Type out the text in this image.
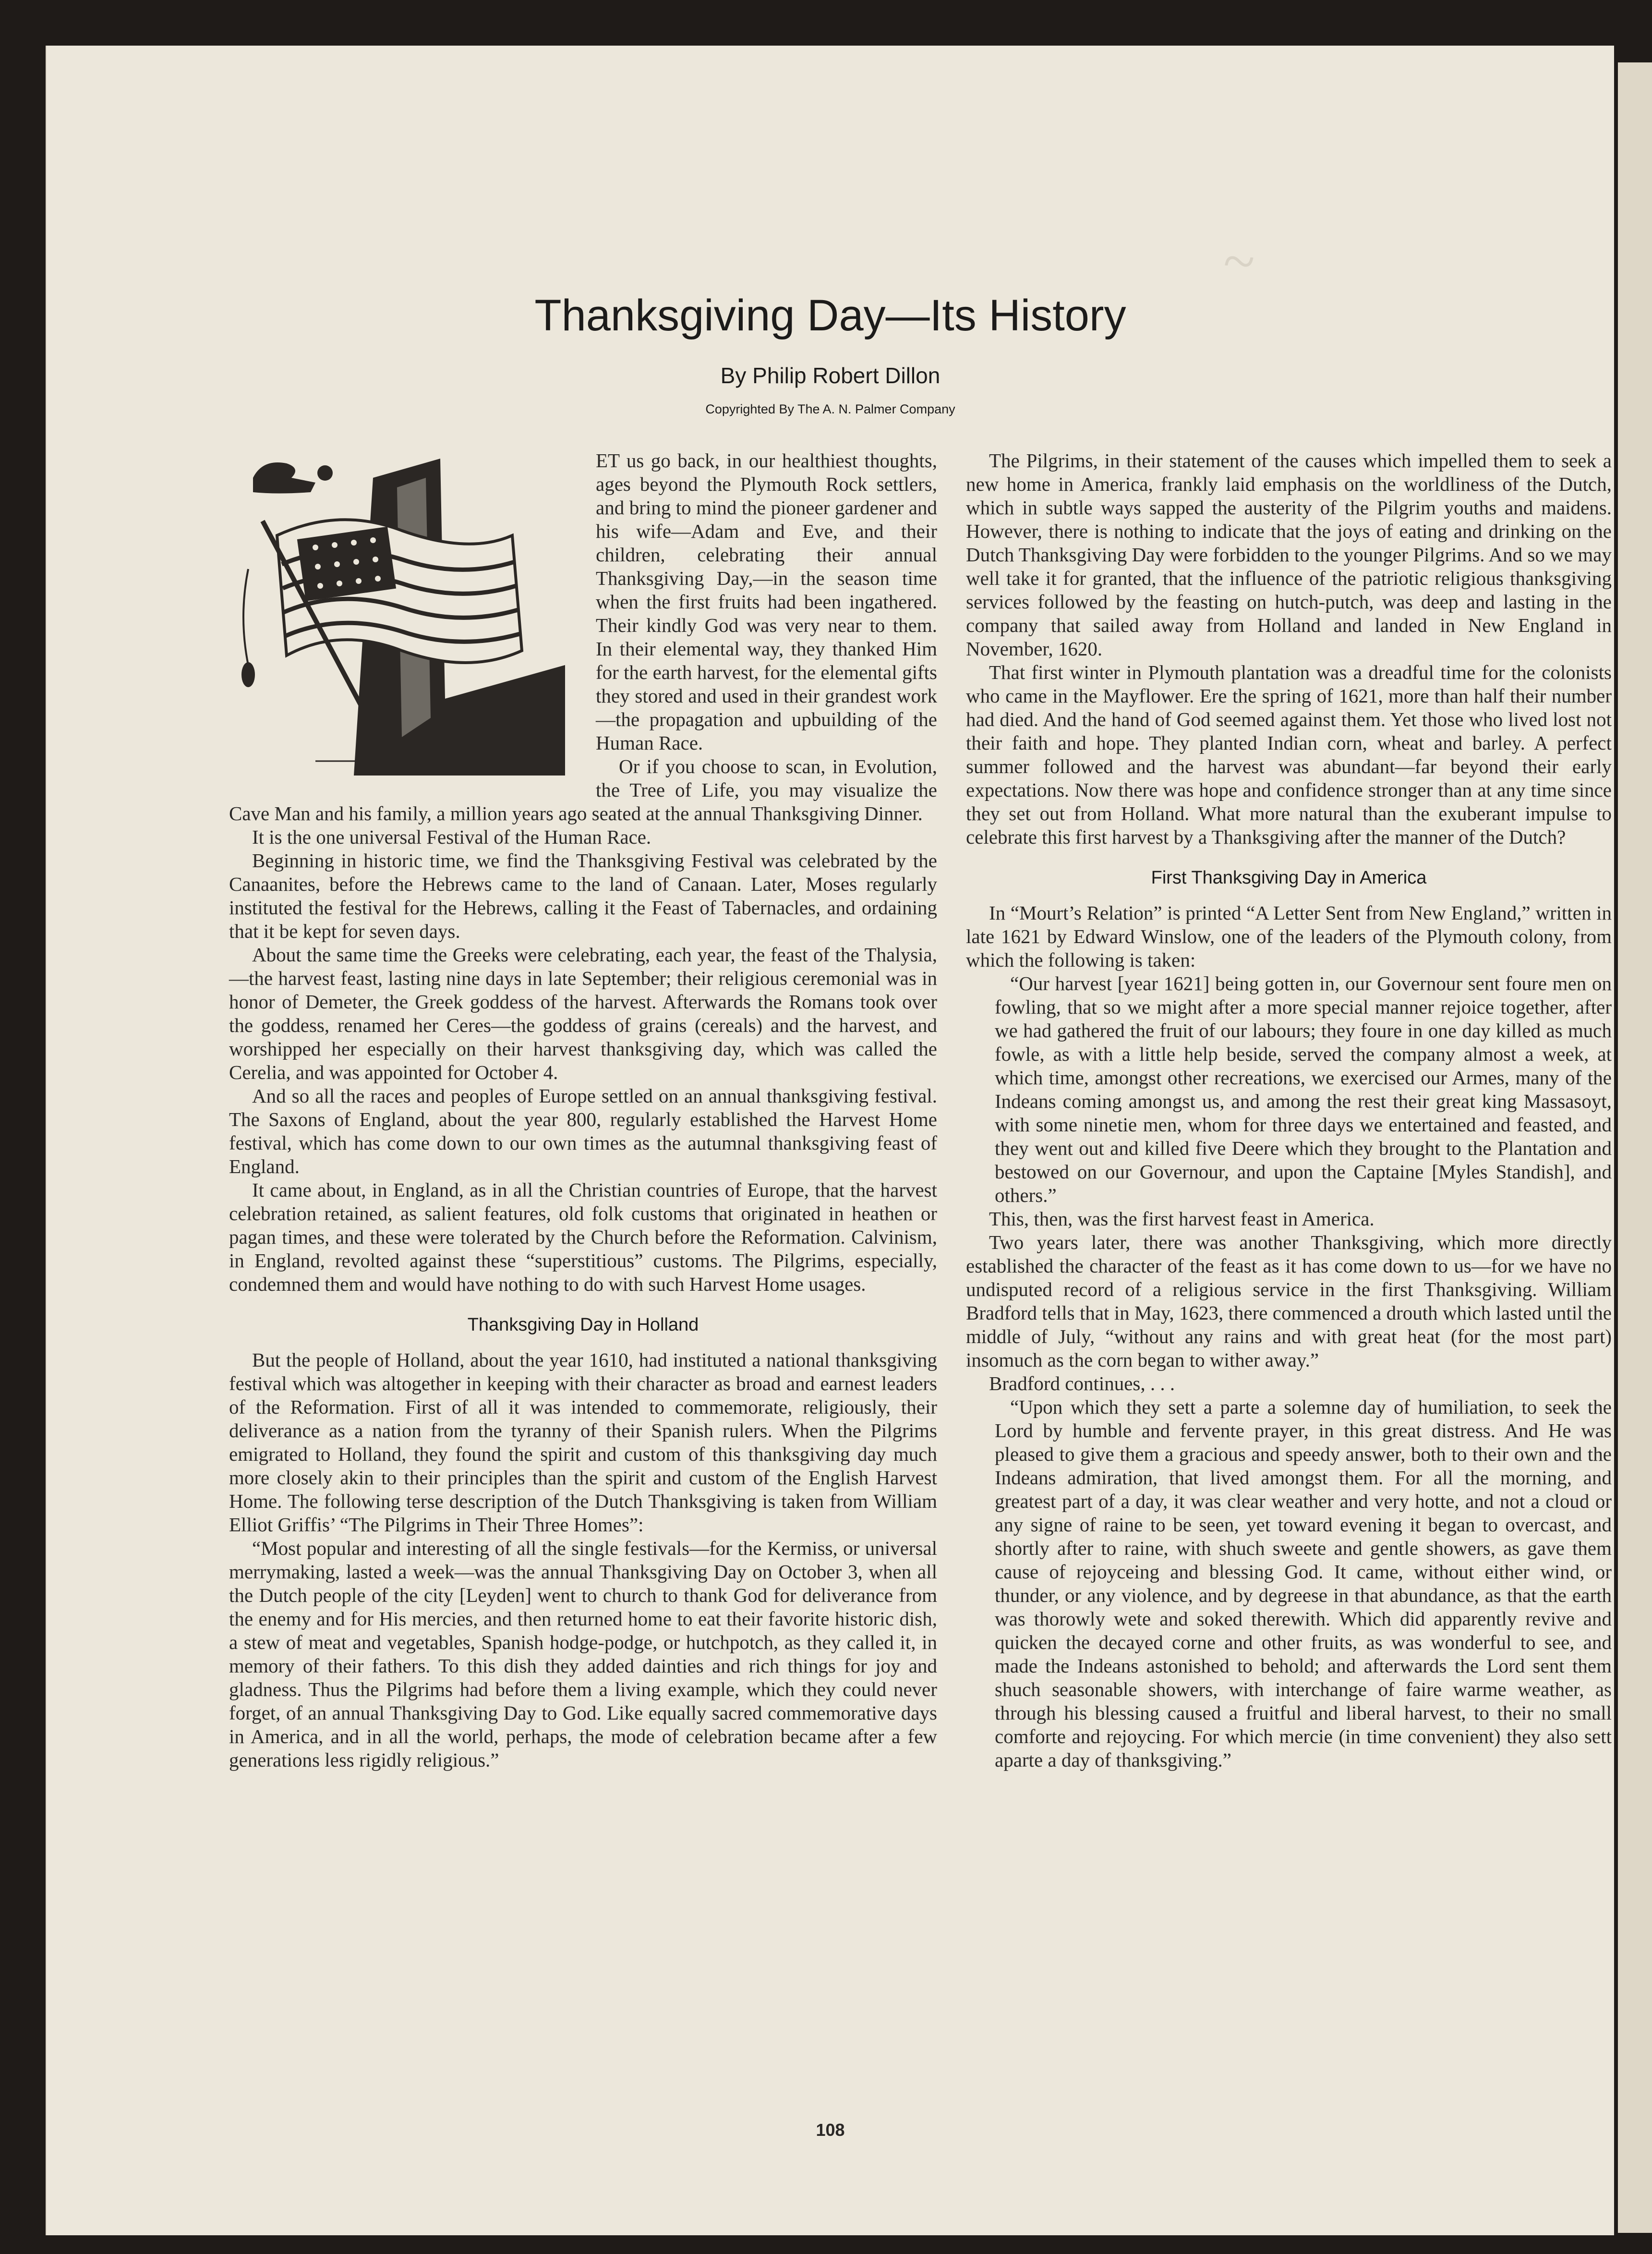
~
Thanksgiving Day—Its History
By Philip Robert Dillon
Copyrighted By The A. N. Palmer Company

ET us go back, in our healthiest thoughts, ages beyond the Plymouth Rock settlers, and bring to mind the pioneer gardener and his wife—Adam and Eve, and their children, celebrating their annual Thanksgiving Day,—in the season time when the first fruits had been ingathered. Their kindly God was very near to them. In their elemental way, they thanked Him for the earth harvest, for the elemental gifts they stored and used in their grandest work—the propagation and upbuilding of the Human Race.

Or if you choose to scan, in Evolution, the Tree of Life, you may visualize the Cave Man and his family, a million years ago seated at the annual Thanksgiving Dinner.

It is the one universal Festival of the Human Race.

Beginning in historic time, we find the Thanksgiving Festival was celebrated by the Canaanites, before the Hebrews came to the land of Canaan. Later, Moses regularly instituted the festival for the Hebrews, calling it the Feast of Tabernacles, and ordaining that it be kept for seven days.

About the same time the Greeks were celebrating, each year, the feast of the Thalysia,—the harvest feast, lasting nine days in late September; their religious ceremonial was in honor of Demeter, the Greek goddess of the harvest. Afterwards the Romans took over the goddess, renamed her Ceres—the goddess of grains (cereals) and the harvest, and worshipped her especially on their harvest thanksgiving day, which was called the Cerelia, and was appointed for October 4.

And so all the races and peoples of Europe settled on an annual thanksgiving festival. The Saxons of England, about the year 800, regularly established the Harvest Home festival, which has come down to our own times as the autumnal thanksgiving feast of England.

It came about, in England, as in all the Christian countries of Europe, that the harvest celebration retained, as salient features, old folk customs that originated in heathen or pagan times, and these were tolerated by the Church before the Reformation. Calvinism, in England, revolted against these “superstitious” customs. The Pilgrims, especially, condemned them and would have nothing to do with such Harvest Home usages.

Thanksgiving Day in Holland

But the people of Holland, about the year 1610, had instituted a national thanksgiving festival which was altogether in keeping with their character as broad and earnest leaders of the Reformation. First of all it was intended to commemorate, religiously, their deliverance as a nation from the tyranny of their Spanish rulers. When the Pilgrims emigrated to Holland, they found the spirit and custom of this thanksgiving day much more closely akin to their principles than the spirit and custom of the English Harvest Home. The following terse description of the Dutch Thanksgiving is taken from William Elliot Griffis’ “The Pilgrims in Their Three Homes”:

“Most popular and interesting of all the single festivals—for the Kermiss, or universal merrymaking, lasted a week—was the annual Thanksgiving Day on October 3, when all the Dutch people of the city [Leyden] went to church to thank God for deliverance from the enemy and for His mercies, and then returned home to eat their favorite historic dish, a stew of meat and vegetables, Spanish hodge-podge, or hutchpotch, as they called it, in memory of their fathers. To this dish they added dainties and rich things for joy and gladness. Thus the Pilgrims had before them a living example, which they could never forget, of an annual Thanksgiving Day to God. Like equally sacred commemorative days in America, and in all the world, perhaps, the mode of celebration became after a few generations less rigidly religious.”

The Pilgrims, in their statement of the causes which impelled them to seek a new home in America, frankly laid emphasis on the worldliness of the Dutch, which in subtle ways sapped the austerity of the Pilgrim youths and maidens. However, there is nothing to indicate that the joys of eating and drinking on the Dutch Thanksgiving Day were forbidden to the younger Pilgrims. And so we may well take it for granted, that the influence of the patriotic religious thanksgiving services followed by the feasting on hutch-putch, was deep and lasting in the company that sailed away from Holland and landed in New England in November, 1620.

That first winter in Plymouth plantation was a dreadful time for the colonists who came in the Mayflower. Ere the spring of 1621, more than half their number had died. And the hand of God seemed against them. Yet those who lived lost not their faith and hope. They planted Indian corn, wheat and barley. A perfect summer followed and the harvest was abundant—far beyond their early expectations. Now there was hope and confidence stronger than at any time since they set out from Holland. What more natural than the exuberant impulse to celebrate this first harvest by a Thanksgiving after the manner of the Dutch?

First Thanksgiving Day in America

In “Mourt’s Relation” is printed “A Letter Sent from New England,” written in late 1621 by Edward Winslow, one of the leaders of the Plymouth colony, from which the following is taken:

“Our harvest [year 1621] being gotten in, our Governour sent foure men on fowling, that so we might after a more special manner rejoice together, after we had gathered the fruit of our labours; they foure in one day killed as much fowle, as with a little help beside, served the company almost a week, at which time, amongst other recreations, we exercised our Armes, many of the Indeans coming amongst us, and among the rest their great king Massasoyt, with some ninetie men, whom for three days we entertained and feasted, and they went out and killed five Deere which they brought to the Plantation and bestowed on our Governour, and upon the Captaine [Myles Standish], and others.”

This, then, was the first harvest feast in America.

Two years later, there was another Thanksgiving, which more directly established the character of the feast as it has come down to us—for we have no undisputed record of a religious service in the first Thanksgiving. William Bradford tells that in May, 1623, there commenced a drouth which lasted until the middle of July, “without any rains and with great heat (for the most part) insomuch as the corn began to wither away.”

Bradford continues, . . .

“Upon which they sett a parte a solemne day of humiliation, to seek the Lord by humble and fervente prayer, in this great distress. And He was pleased to give them a gracious and speedy answer, both to their own and the Indeans admiration, that lived amongst them. For all the morning, and greatest part of a day, it was clear weather and very hotte, and not a cloud or any signe of raine to be seen, yet toward evening it began to overcast, and shortly after to raine, with shuch sweete and gentle showers, as gave them cause of rejoyceing and blessing God. It came, without either wind, or thunder, or any violence, and by degreese in that abundance, as that the earth was thorowly wete and soked therewith. Which did apparently revive and quicken the decayed corne and other fruits, as was wonderful to see, and made the Indeans astonished to behold; and afterwards the Lord sent them shuch seasonable showers, with interchange of faire warme weather, as through his blessing caused a fruitful and liberal harvest, to their no small comforte and rejoycing. For which mercie (in time convenient) they also sett aparte a day of thanksgiving.”

108
